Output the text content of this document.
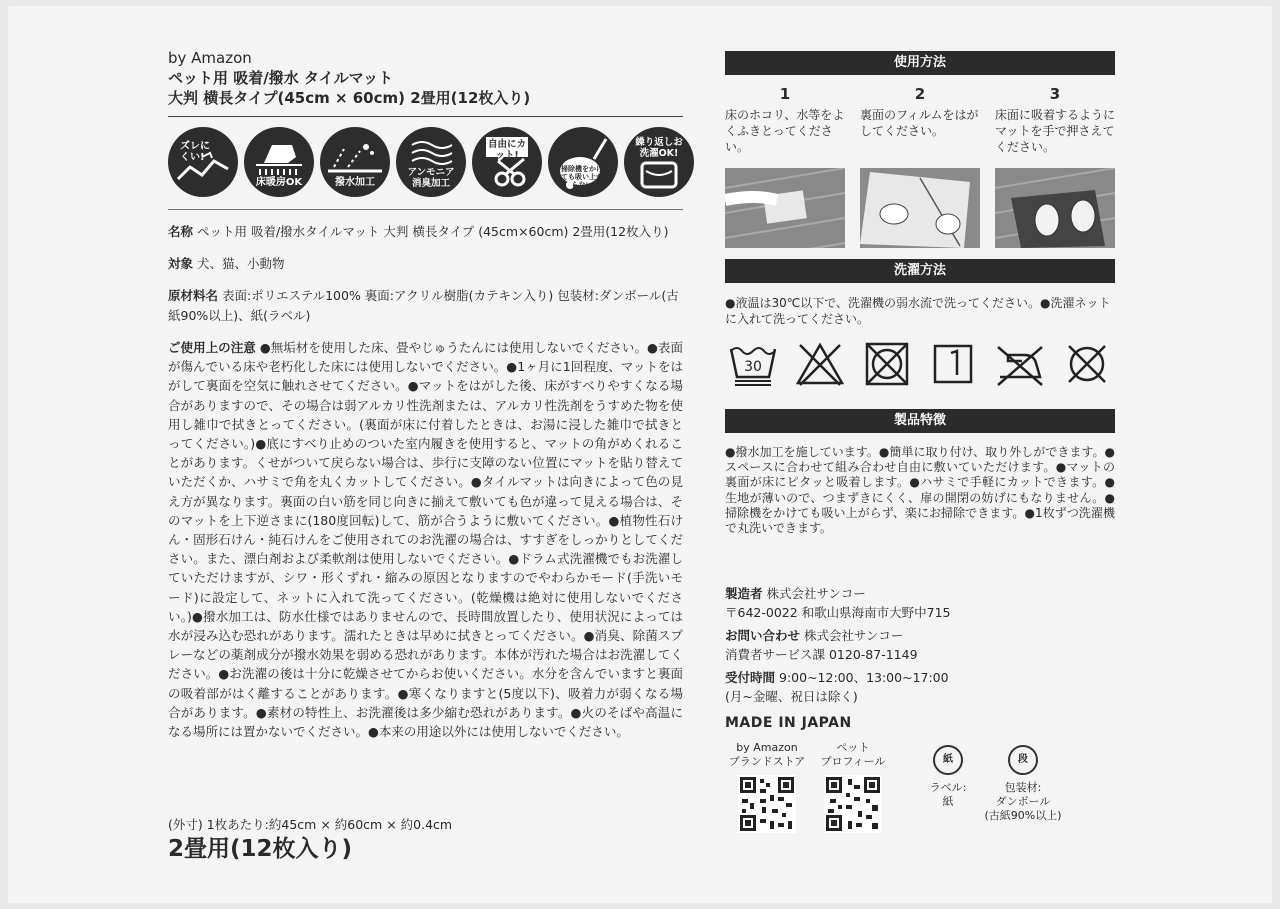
by Amazon
ペット用 吸着/撥水 タイルマット
大判 横長タイプ(45cm × 60cm) 2畳用(12枚入り)
ズレにくい!
床暖房OK	撥水加工
アンモニア消臭加工
自由にカット!
掃除機をかけても吸い上がらない
繰り返しお洗濯OK!

名称 ペット用 吸着/撥水タイルマット 大判 横長タイプ (45cm×60cm) 2畳用(12枚入り)

対象 犬、猫、小動物

原材料名 表面:ポリエステル100% 裏面:アクリル樹脂(カテキン入り) 包装材:ダンボール(古紙90%以上)、紙(ラベル)

ご使用上の注意 ●無垢材を使用した床、畳やじゅうたんには使用しないでください。●表面が傷んでいる床や老朽化した床には使用しないでください。●1ヶ月に1回程度、マットをはがして裏面を空気に触れさせてください。●マットをはがした後、床がすべりやすくなる場合がありますので、その場合は弱アルカリ性洗剤または、アルカリ性洗剤をうすめた物を使用し雑巾で拭きとってください。(裏面が床に付着したときは、お湯に浸した雑巾で拭きとってください。)●底にすべり止めのついた室内履きを使用すると、マットの角がめくれることがあります。くせがついて戻らない場合は、歩行に支障のない位置にマットを貼り替えていただくか、ハサミで角を丸くカットしてください。●タイルマットは向きによって色の見え方が異なります。裏面の白い筋を同じ向きに揃えて敷いても色が違って見える場合は、そのマットを上下逆さまに(180度回転)して、筋が合うように敷いてください。●植物性石けん・固形石けん・純石けんをご使用されてのお洗濯の場合は、すすぎをしっかりとしてください。また、漂白剤および柔軟剤は使用しないでください。●ドラム式洗濯機でもお洗濯していただけますが、シワ・形くずれ・縮みの原因となりますのでやわらかモード(手洗いモード)に設定して、ネットに入れて洗ってください。(乾燥機は絶対に使用しないでください。)●撥水加工は、防水仕様ではありませんので、長時間放置したり、使用状況によっては水が浸み込む恐れがあります。濡れたときは早めに拭きとってください。●消臭、除菌スプレーなどの薬剤成分が撥水効果を弱める恐れがあります。本体が汚れた場合はお洗濯してください。●お洗濯の後は十分に乾燥させてからお使いください。水分を含んでいますと裏面の吸着部がはく離することがあります。●寒くなりますと(5度以下)、吸着力が弱くなる場合があります。●素材の特性上、お洗濯後は多少縮む恐れがあります。●火のそばや高温になる場所には置かないでください。●本来の用途以外には使用しないでください。
(外寸) 1枚あたり:約45cm × 約60cm × 約0.4cm
2畳用(12枚入り)
使用方法
1
床のホコリ、水等をよくふきとってください。
2
裏面のフィルムをはがしてください。
3
床面に吸着するようにマットを手で押さえてください。
洗濯方法
●液温は30℃以下で、洗濯機の弱水流で洗ってください。●洗濯ネットに入れて洗ってください。
30
製品特徴
●撥水加工を施しています。●簡単に取り付け、取り外しができます。●スペースに合わせて組み合わせ自由に敷いていただけます。●マットの裏面が床にピタッと吸着します。●ハサミで手軽にカットできます。●生地が薄いので、つまずきにくく、扉の開閉の妨げにもなりません。●掃除機をかけても吸い上がらず、楽にお掃除できます。●1枚ずつ洗濯機で丸洗いできます。

製造者 株式会社サンコー
〒642-0022 和歌山県海南市大野中715

お問い合わせ 株式会社サンコー
消費者サービス課 0120-87-1149

受付時間 9:00~12:00、13:00~17:00
(月~金曜、祝日は除く)

MADE IN JAPAN
by Amazon
ブランドストア
ペット
プロフィール	紙
ラベル:
紙
段
包装材:
ダンボール
(古紙90%以上)
